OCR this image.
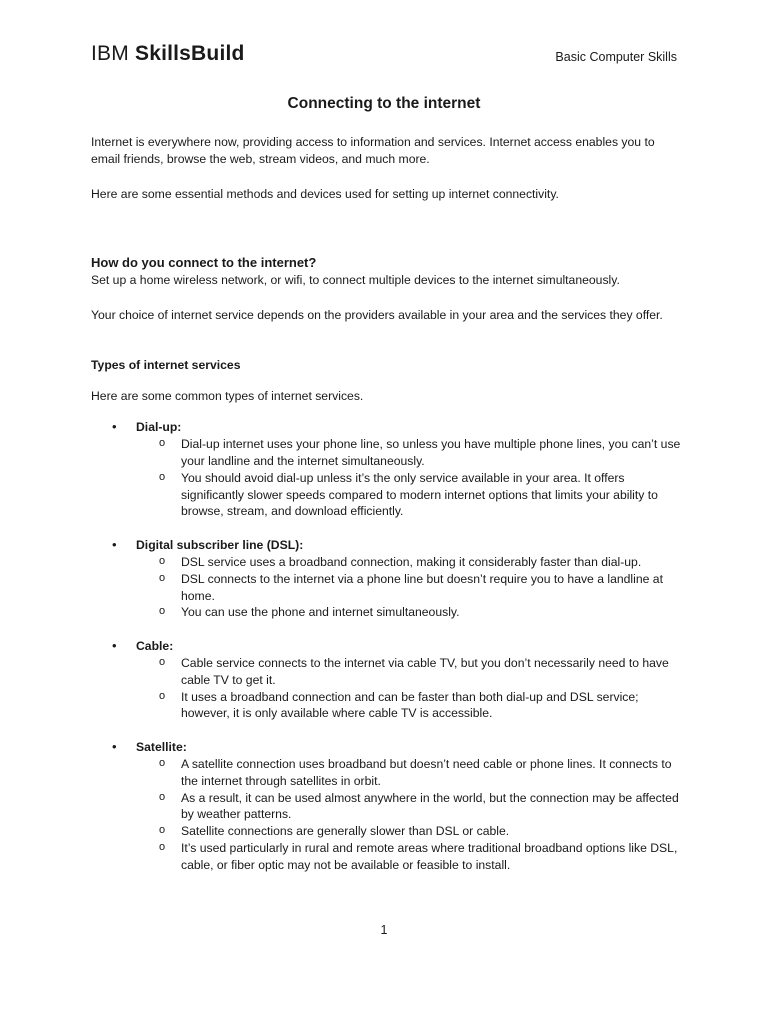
IBM SkillsBuild	Basic Computer Skills
Connecting to the internet

Internet is everywhere now, providing access to information and services. Internet access enables you to email friends, browse the web, stream videos, and much more.

Here are some essential methods and devices used for setting up internet connectivity.

How do you connect to the internet?

Set up a home wireless network, or wifi, to connect multiple devices to the internet simultaneously.

Your choice of internet service depends on the providers available in your area and the services they offer.

Types of internet services

Here are some common types of internet services.

• Dial-up:
o Dial-up internet uses your phone line, so unless you have multiple phone lines, you can’t use your landline and the internet simultaneously.
o You should avoid dial-up unless it’s the only service available in your area. It offers significantly slower speeds compared to modern internet options that limits your ability to browse, stream, and download efficiently.
• Digital subscriber line (DSL):
o DSL service uses a broadband connection, making it considerably faster than dial-up.
o DSL connects to the internet via a phone line but doesn’t require you to have a landline at home.
o You can use the phone and internet simultaneously.
• Cable:
o Cable service connects to the internet via cable TV, but you don’t necessarily need to have cable TV to get it.
o It uses a broadband connection and can be faster than both dial-up and DSL service; however, it is only available where cable TV is accessible.
• Satellite:
o A satellite connection uses broadband but doesn’t need cable or phone lines. It connects to the internet through satellites in orbit.
o As a result, it can be used almost anywhere in the world, but the connection may be affected by weather patterns.
o Satellite connections are generally slower than DSL or cable.
o It’s used particularly in rural and remote areas where traditional broadband options like DSL, cable, or fiber optic may not be available or feasible to install.
1
